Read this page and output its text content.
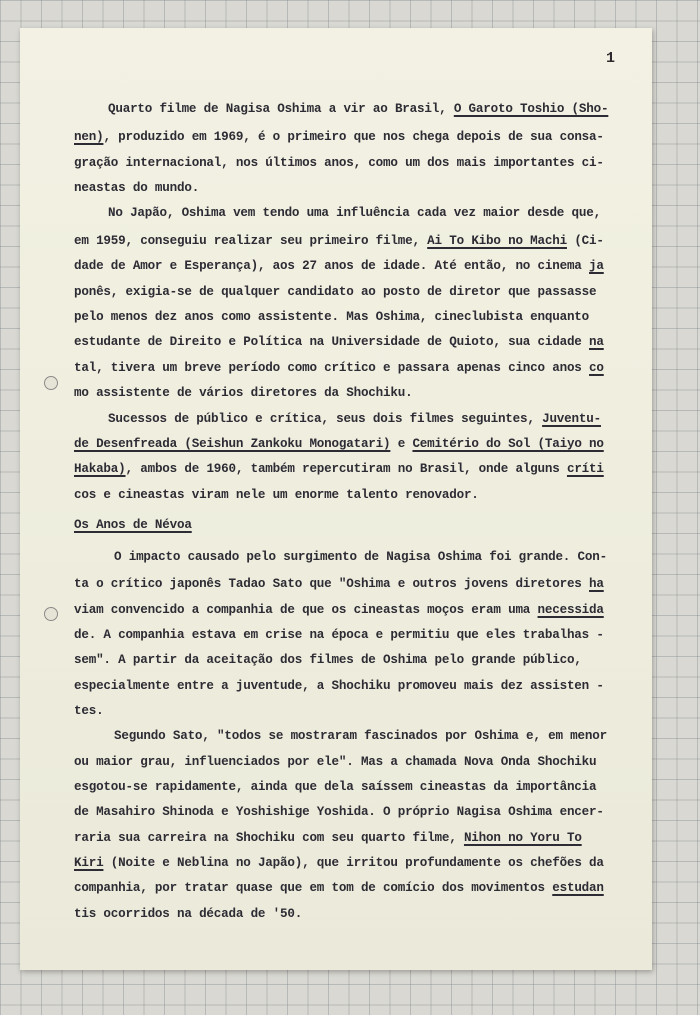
1
Quarto filme de Nagisa Oshima a vir ao Brasil, O Garoto Toshio (Sho-
nen), produzido em 1969, é o primeiro que nos chega depois de sua consa-
gração internacional, nos últimos anos, como um dos mais importantes ci-
neastas do mundo.
No Japão, Oshima vem tendo uma influência cada vez maior desde que,
em 1959, conseguiu realizar seu primeiro filme, Ai To Kibo no Machi (Ci-
dade de Amor e Esperança), aos 27 anos de idade. Até então, no cinema ja
ponês, exigia-se de qualquer candidato ao posto de diretor que passasse
pelo menos dez anos como assistente. Mas Oshima, cineclubista enquanto
estudante de Direito e Política na Universidade de Quioto, sua cidade na
tal, tivera um breve período como crítico e passara apenas cinco anos co
mo assistente de vários diretores da Shochiku.
Sucessos de público e crítica, seus dois filmes seguintes, Juventu-
de Desenfreada (Seishun Zankoku Monogatari) e Cemitério do Sol (Taiyo no
Hakaba), ambos de 1960, também repercutiram no Brasil, onde alguns críti
cos e cineastas viram nele um enorme talento renovador.
Os Anos de Névoa
O impacto causado pelo surgimento de Nagisa Oshima foi grande. Con-
ta o crítico japonês Tadao Sato que "Oshima e outros jovens diretores ha
viam convencido a companhia de que os cineastas moços eram uma necessida
de. A companhia estava em crise na época e permitiu que eles trabalhas -
sem". A partir da aceitação dos filmes de Oshima pelo grande público,
especialmente entre a juventude, a Shochiku promoveu mais dez assisten -
tes.
Segundo Sato, "todos se mostraram fascinados por Oshima e, em menor
ou maior grau, influenciados por ele". Mas a chamada Nova Onda Shochiku
esgotou-se rapidamente, ainda que dela saíssem cineastas da importância
de Masahiro Shinoda e Yoshishige Yoshida. O próprio Nagisa Oshima encer-
raria sua carreira na Shochiku com seu quarto filme, Nihon no Yoru To
Kiri (Noite e Neblina no Japão), que irritou profundamente os chefões da
companhia, por tratar quase que em tom de comício dos movimentos estudan
tis ocorridos na década de '50.
